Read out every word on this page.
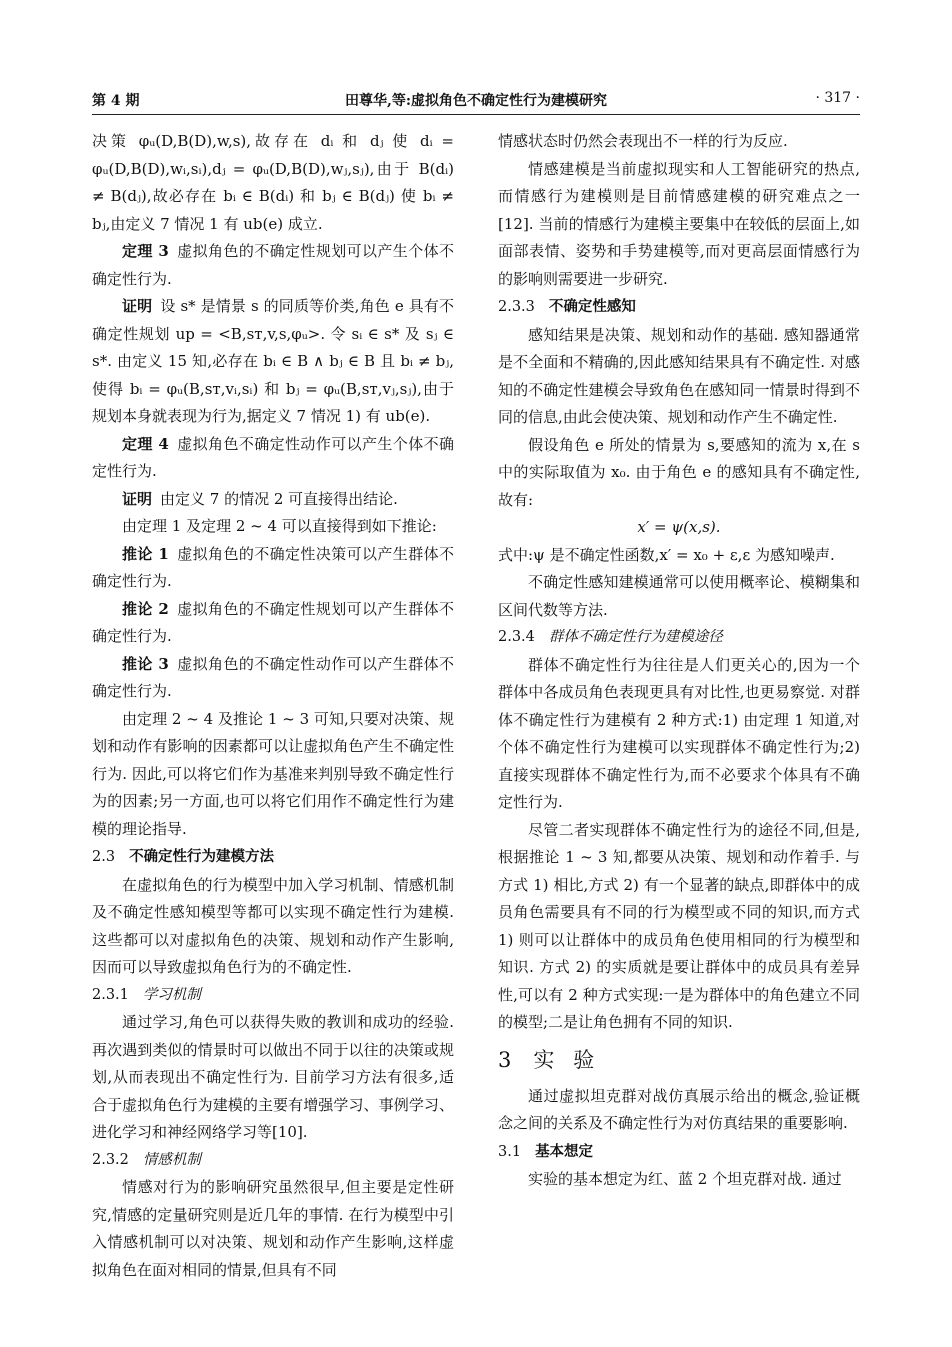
第 4 期	田尊华,等:虚拟角色不确定性行为建模研究	· 317 ·

决策 φᵤ(D,B(D),w,s),故存在 dᵢ 和 dⱼ 使 dᵢ = φᵤ(D,B(D),wᵢ,sᵢ),dⱼ = φᵤ(D,B(D),wⱼ,sⱼ),由于 B(dᵢ) ≠ B(dⱼ),故必存在 bᵢ ∈ B(dᵢ) 和 bⱼ ∈ B(dⱼ) 使 bᵢ ≠ bⱼ,由定义 7 情况 1 有 ub(e) 成立.

定理 3 虚拟角色的不确定性规划可以产生个体不确定性行为.

证明 设 s* 是情景 s 的同质等价类,角色 e 具有不确定性规划 up = <B,sᴛ,v,s,φᵤ>. 令 sᵢ ∈ s* 及 sⱼ ∈ s*. 由定义 15 知,必存在 bᵢ ∈ B ∧ bⱼ ∈ B 且 bᵢ ≠ bⱼ,使得 bᵢ = φᵤ(B,sᴛ,vᵢ,sᵢ) 和 bⱼ = φᵤ(B,sᴛ,vⱼ,sⱼ),由于规划本身就表现为行为,据定义 7 情况 1) 有 ub(e).

定理 4 虚拟角色不确定性动作可以产生个体不确定性行为.

证明 由定义 7 的情况 2 可直接得出结论.

由定理 1 及定理 2 ~ 4 可以直接得到如下推论:

推论 1 虚拟角色的不确定性决策可以产生群体不确定性行为.

推论 2 虚拟角色的不确定性规划可以产生群体不确定性行为.

推论 3 虚拟角色的不确定性动作可以产生群体不确定性行为.

由定理 2 ~ 4 及推论 1 ~ 3 可知,只要对决策、规划和动作有影响的因素都可以让虚拟角色产生不确定性行为. 因此,可以将它们作为基准来判别导致不确定性行为的因素;另一方面,也可以将它们用作不确定性行为建模的理论指导.

2.3 不确定性行为建模方法

在虚拟角色的行为模型中加入学习机制、情感机制及不确定性感知模型等都可以实现不确定性行为建模. 这些都可以对虚拟角色的决策、规划和动作产生影响,因而可以导致虚拟角色行为的不确定性.

2.3.1 学习机制

通过学习,角色可以获得失败的教训和成功的经验. 再次遇到类似的情景时可以做出不同于以往的决策或规划,从而表现出不确定性行为. 目前学习方法有很多,适合于虚拟角色行为建模的主要有增强学习、事例学习、进化学习和神经网络学习等[10].

2.3.2 情感机制

情感对行为的影响研究虽然很早,但主要是定性研究,情感的定量研究则是近几年的事情. 在行为模型中引入情感机制可以对决策、规划和动作产生影响,这样虚拟角色在面对相同的情景,但具有不同

情感状态时仍然会表现出不一样的行为反应.

情感建模是当前虚拟现实和人工智能研究的热点,而情感行为建模则是目前情感建模的研究难点之一[12]. 当前的情感行为建模主要集中在较低的层面上,如面部表情、姿势和手势建模等,而对更高层面情感行为的影响则需要进一步研究.

2.3.3 不确定性感知

感知结果是决策、规划和动作的基础. 感知器通常是不全面和不精确的,因此感知结果具有不确定性. 对感知的不确定性建模会导致角色在感知同一情景时得到不同的信息,由此会使决策、规划和动作产生不确定性.

假设角色 e 所处的情景为 s,要感知的流为 x,在 s 中的实际取值为 x₀. 由于角色 e 的感知具有不确定性,故有:

x′ = ψ(x,s).

式中:ψ 是不确定性函数,x′ = x₀ + ε,ε 为感知噪声.

不确定性感知建模通常可以使用概率论、模糊集和区间代数等方法.

2.3.4 群体不确定性行为建模途径

群体不确定性行为往往是人们更关心的,因为一个群体中各成员角色表现更具有对比性,也更易察觉. 对群体不确定性行为建模有 2 种方式:1) 由定理 1 知道,对个体不确定性行为建模可以实现群体不确定性行为;2) 直接实现群体不确定性行为,而不必要求个体具有不确定性行为.

尽管二者实现群体不确定性行为的途径不同,但是,根据推论 1 ~ 3 知,都要从决策、规划和动作着手. 与方式 1) 相比,方式 2) 有一个显著的缺点,即群体中的成员角色需要具有不同的行为模型或不同的知识,而方式 1) 则可以让群体中的成员角色使用相同的行为模型和知识. 方式 2) 的实质就是要让群体中的成员具有差异性,可以有 2 种方式实现:一是为群体中的角色建立不同的模型;二是让角色拥有不同的知识.

3 实验

通过虚拟坦克群对战仿真展示给出的概念,验证概念之间的关系及不确定性行为对仿真结果的重要影响.

3.1 基本想定

实验的基本想定为红、蓝 2 个坦克群对战. 通过
